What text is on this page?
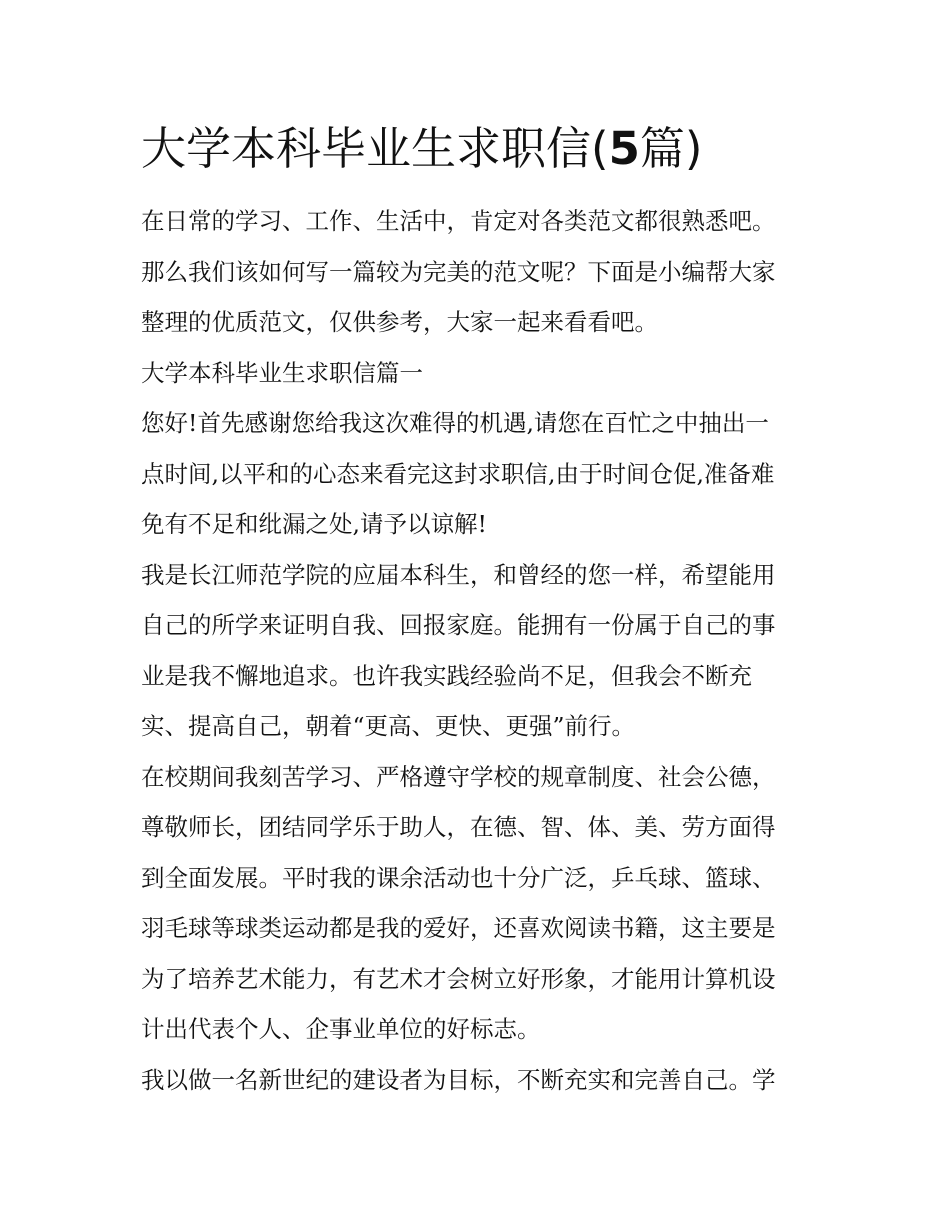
大学本科毕业生求职信(5篇)

在日常的学习、工作、生活中，肯定对各类范文都很熟悉吧。
那么我们该如何写一篇较为完美的范文呢？下面是小编帮大家
整理的优质范文，仅供参考，大家一起来看看吧。

大学本科毕业生求职信篇一

您好!首先感谢您给我这次难得的机遇,请您在百忙之中抽出一
点时间,以平和的心态来看完这封求职信,由于时间仓促,准备难
免有不足和纰漏之处,请予以谅解!

我是长江师范学院的应届本科生，和曾经的您一样，希望能用
自己的所学来证明自我、回报家庭。能拥有一份属于自己的事
业是我不懈地追求。也许我实践经验尚不足，但我会不断充
实、提高自己，朝着“更高、更快、更强”前行。

在校期间我刻苦学习、严格遵守学校的规章制度、社会公德，
尊敬师长，团结同学乐于助人，在德、智、体、美、劳方面得
到全面发展。平时我的课余活动也十分广泛，乒乓球、篮球、
羽毛球等球类运动都是我的爱好，还喜欢阅读书籍，这主要是
为了培养艺术能力，有艺术才会树立好形象，才能用计算机设
计出代表个人、企事业单位的好标志。

我以做一名新世纪的建设者为目标，不断充实和完善自己。学
